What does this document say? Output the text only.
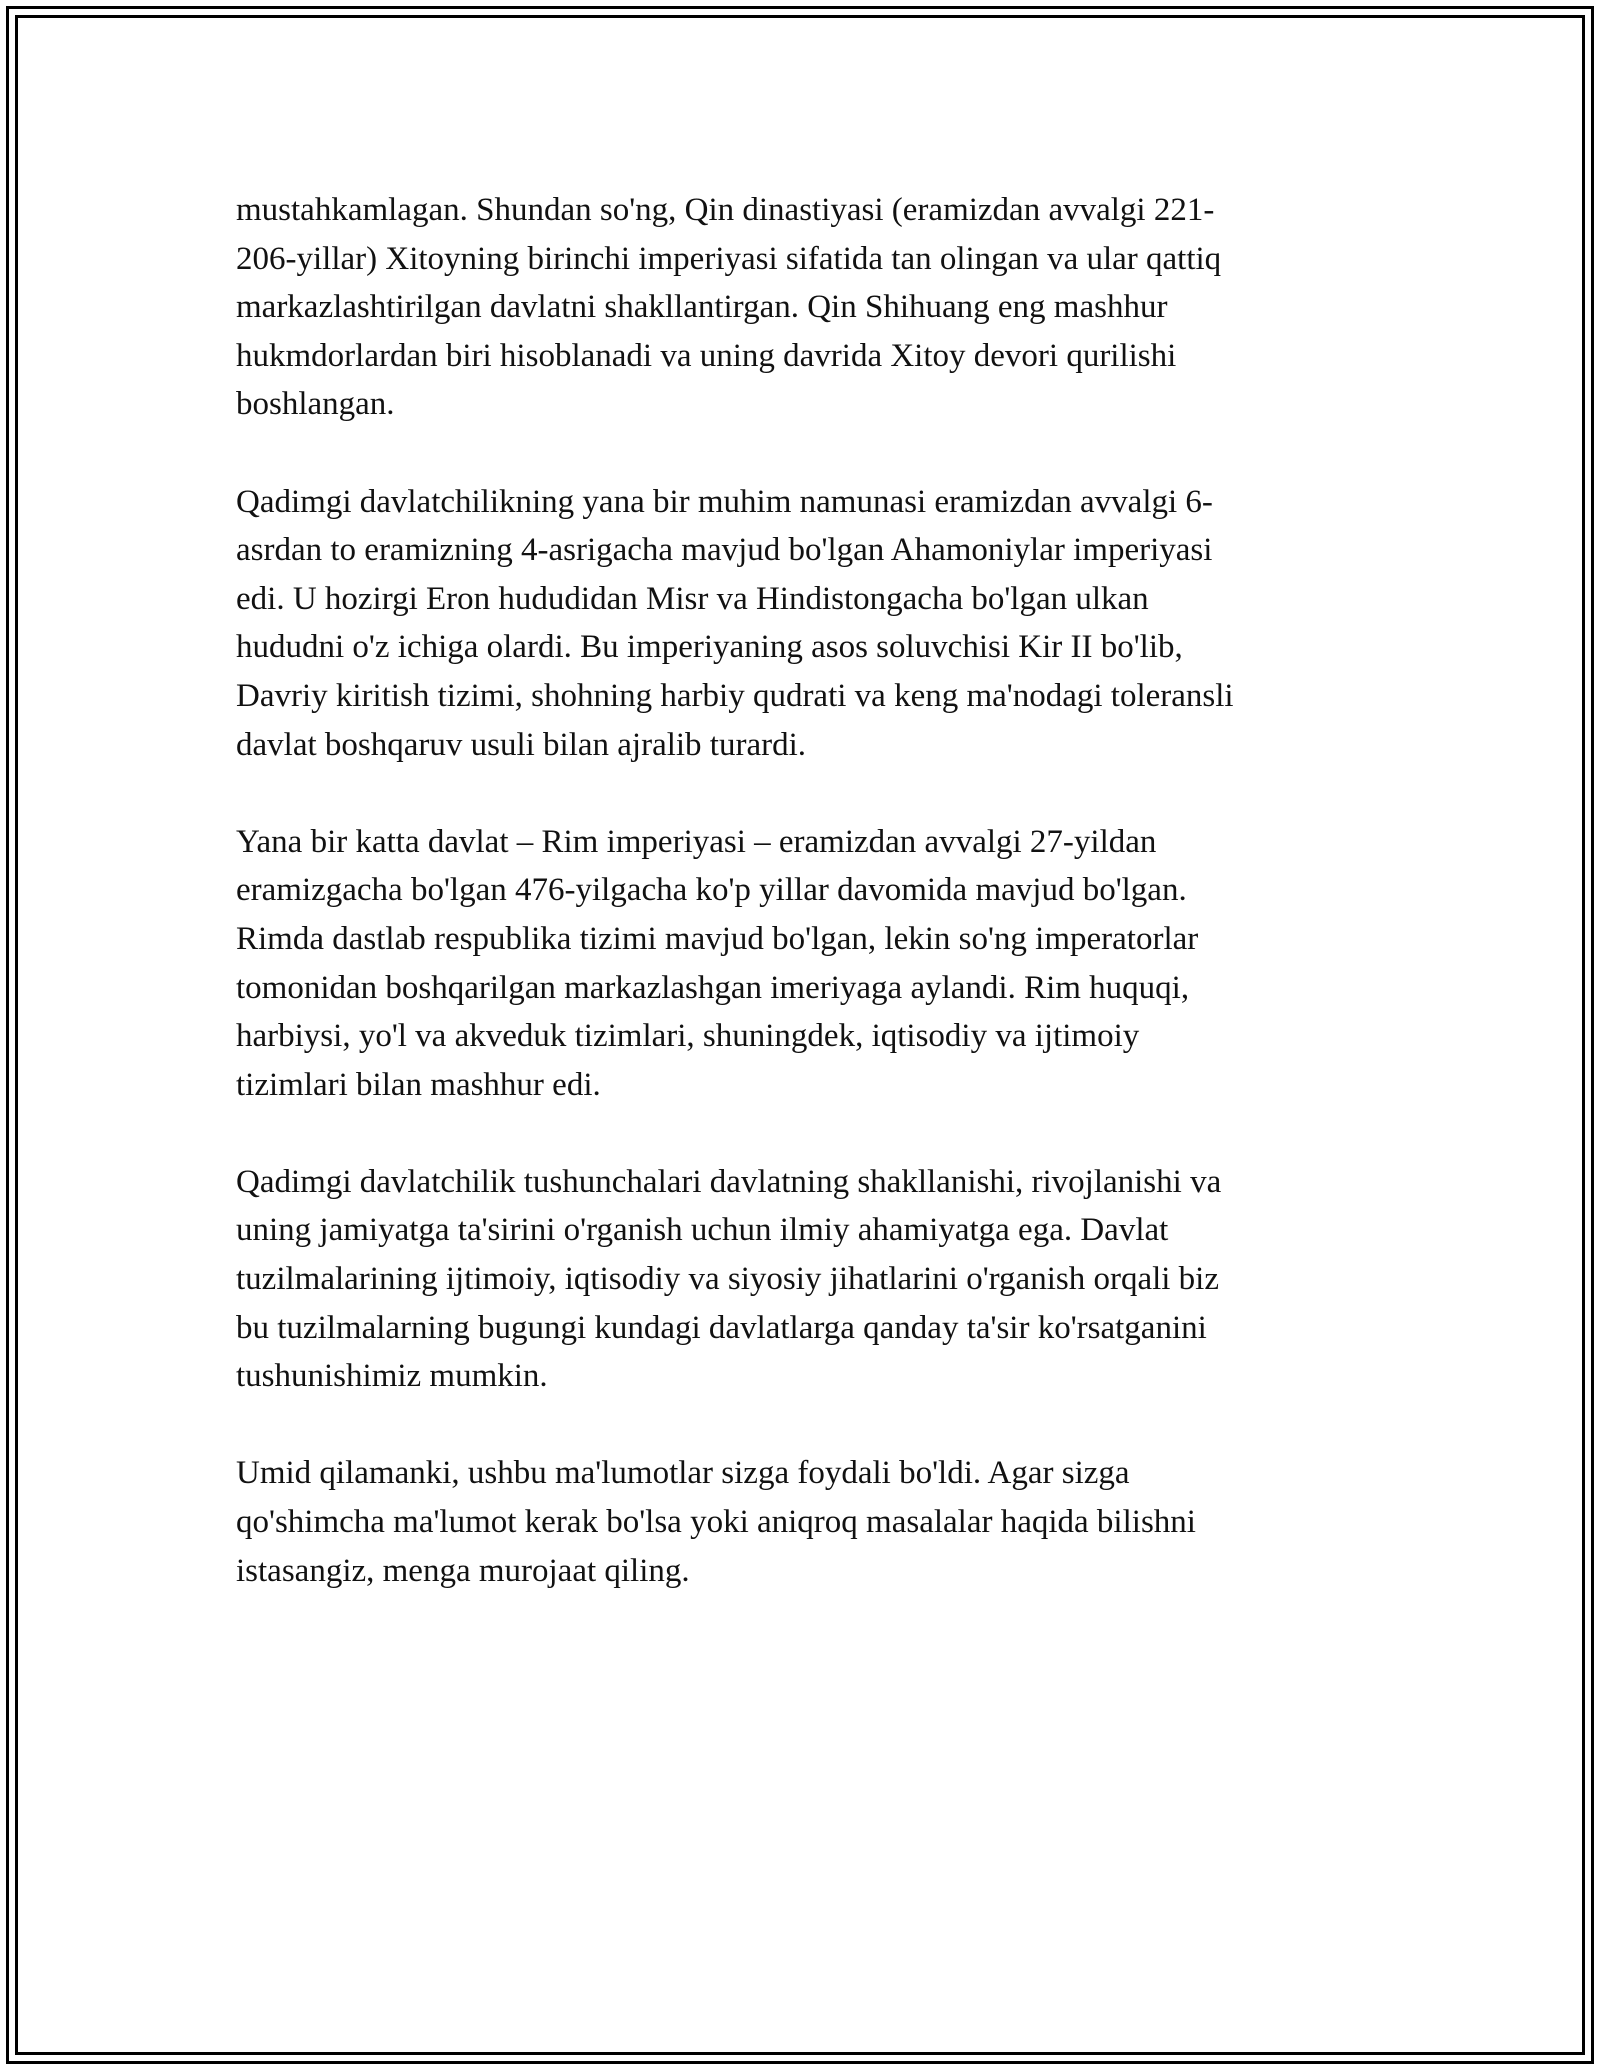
mustahkamlagan. Shundan so'ng, Qin dinastiyasi (eramizdan avvalgi 221-
206-yillar) Xitoyning birinchi imperiyasi sifatida tan olingan va ular qattiq
markazlashtirilgan davlatni shakllantirgan. Qin Shihuang eng mashhur
hukmdorlardan biri hisoblanadi va uning davrida Xitoy devori qurilishi
boshlangan.

Qadimgi davlatchilikning yana bir muhim namunasi eramizdan avvalgi 6-
asrdan to eramizning 4-asrigacha mavjud bo'lgan Ahamoniylar imperiyasi
edi. U hozirgi Eron hududidan Misr va Hindistongacha bo'lgan ulkan
hududni o'z ichiga olardi. Bu imperiyaning asos soluvchisi Kir II bo'lib,
Davriy kiritish tizimi, shohning harbiy qudrati va keng ma'nodagi toleransli
davlat boshqaruv usuli bilan ajralib turardi.

Yana bir katta davlat – Rim imperiyasi – eramizdan avvalgi 27-yildan
eramizgacha bo'lgan 476-yilgacha ko'p yillar davomida mavjud bo'lgan.
Rimda dastlab respublika tizimi mavjud bo'lgan, lekin so'ng imperatorlar
tomonidan boshqarilgan markazlashgan imeriyaga aylandi. Rim huquqi,
harbiysi, yo'l va akveduk tizimlari, shuningdek, iqtisodiy va ijtimoiy
tizimlari bilan mashhur edi.

Qadimgi davlatchilik tushunchalari davlatning shakllanishi, rivojlanishi va
uning jamiyatga ta'sirini o'rganish uchun ilmiy ahamiyatga ega. Davlat
tuzilmalarining ijtimoiy, iqtisodiy va siyosiy jihatlarini o'rganish orqali biz
bu tuzilmalarning bugungi kundagi davlatlarga qanday ta'sir ko'rsatganini
tushunishimiz mumkin.

Umid qilamanki, ushbu ma'lumotlar sizga foydali bo'ldi. Agar sizga
qo'shimcha ma'lumot kerak bo'lsa yoki aniqroq masalalar haqida bilishni
istasangiz, menga murojaat qiling.
